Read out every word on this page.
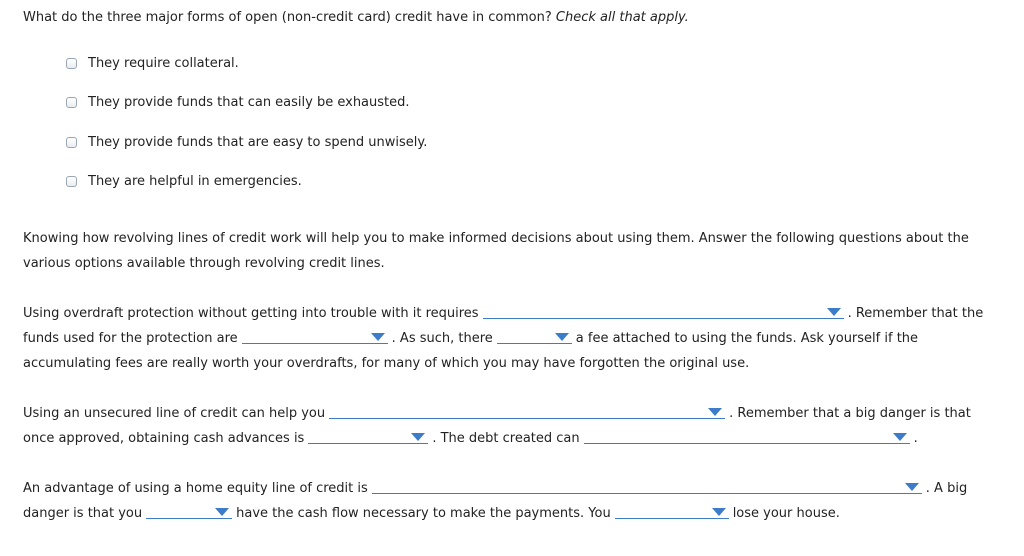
What do the three major forms of open (non-credit card) credit have in common? Check all that apply.
They require collateral.
They provide funds that can easily be exhausted.
They provide funds that are easy to spend unwisely.
They are helpful in emergencies.
Knowing how revolving lines of credit work will help you to make informed decisions about using them. Answer the following questions about the
various options available through revolving credit lines.
Using overdraft protection without getting into trouble with it requires	. Remember that the
funds used for the protection are	. As such, there	a fee attached to using the funds. Ask yourself if the
accumulating fees are really worth your overdrafts, for many of which you may have forgotten the original use.
Using an unsecured line of credit can help you	. Remember that a big danger is that
once approved, obtaining cash advances is	. The debt created can	.
An advantage of using a home equity line of credit is	. A big
danger is that you	have the cash flow necessary to make the payments. You	lose your house.
